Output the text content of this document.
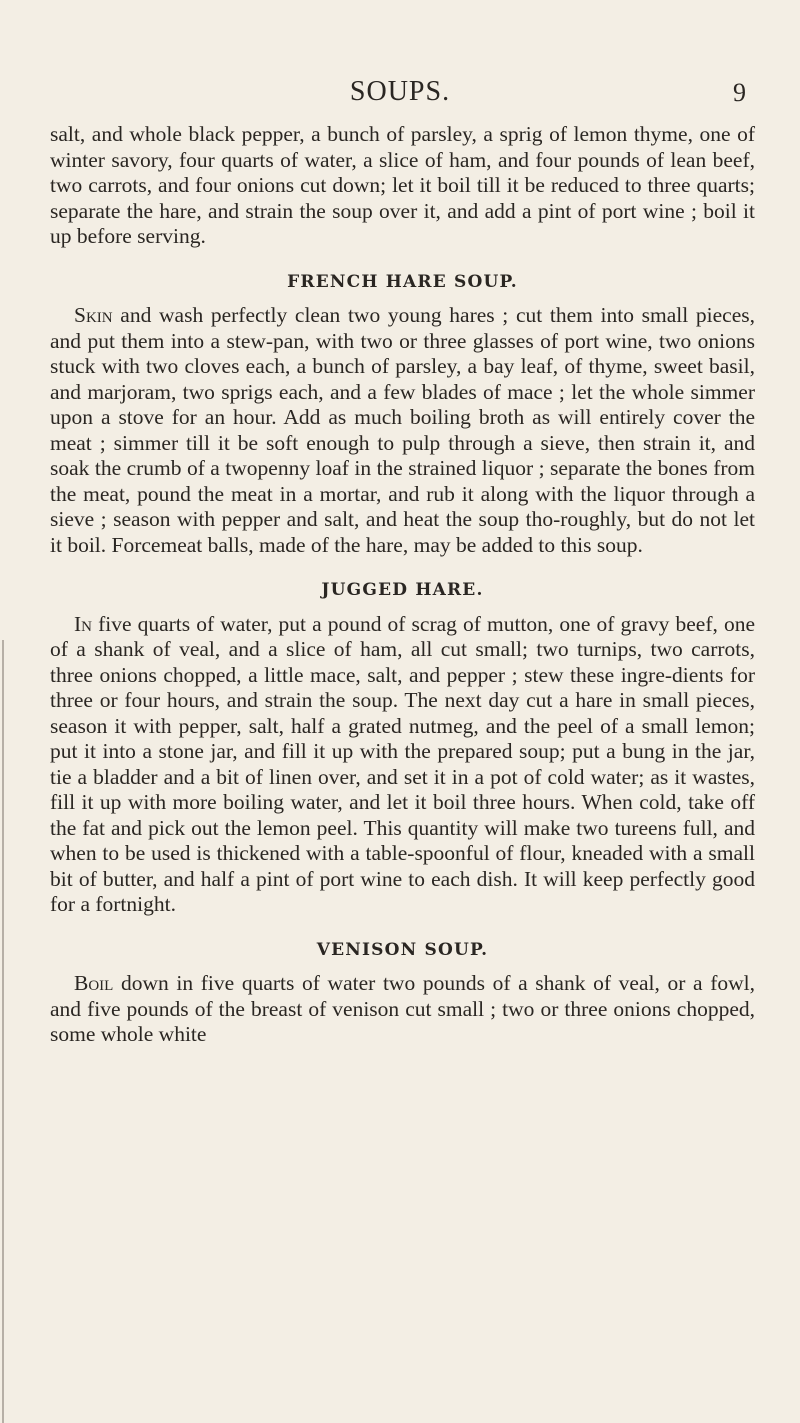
SOUPS.	9

salt, and whole black pepper, a bunch of parsley, a sprig of lemon thyme, one of winter savory, four quarts of water, a slice of ham, and four pounds of lean beef, two carrots, and four onions cut down; let it boil till it be reduced to three quarts; separate the hare, and strain the soup over it, and add a pint of port wine ; boil it up before serving.

FRENCH HARE SOUP.

Skin and wash perfectly clean two young hares ; cut them into small pieces, and put them into a stew-pan, with two or three glasses of port wine, two onions stuck with two cloves each, a bunch of parsley, a bay leaf, of thyme, sweet basil, and marjoram, two sprigs each, and a few blades of mace ; let the whole simmer upon a stove for an hour. Add as much boiling broth as will entirely cover the meat ; simmer till it be soft enough to pulp through a sieve, then strain it, and soak the crumb of a twopenny loaf in the strained liquor ; separate the bones from the meat, pound the meat in a mortar, and rub it along with the liquor through a sieve ; season with pepper and salt, and heat the soup tho-roughly, but do not let it boil. Forcemeat balls, made of the hare, may be added to this soup.

JUGGED HARE.

In five quarts of water, put a pound of scrag of mutton, one of gravy beef, one of a shank of veal, and a slice of ham, all cut small; two turnips, two carrots, three onions chopped, a little mace, salt, and pepper ; stew these ingre-dients for three or four hours, and strain the soup. The next day cut a hare in small pieces, season it with pepper, salt, half a grated nutmeg, and the peel of a small lemon; put it into a stone jar, and fill it up with the prepared soup; put a bung in the jar, tie a bladder and a bit of linen over, and set it in a pot of cold water; as it wastes, fill it up with more boiling water, and let it boil three hours. When cold, take off the fat and pick out the lemon peel. This quantity will make two tureens full, and when to be used is thickened with a table-spoonful of flour, kneaded with a small bit of butter, and half a pint of port wine to each dish. It will keep perfectly good for a fortnight.

VENISON SOUP.

Boil down in five quarts of water two pounds of a shank of veal, or a fowl, and five pounds of the breast of venison cut small ; two or three onions chopped, some whole white
